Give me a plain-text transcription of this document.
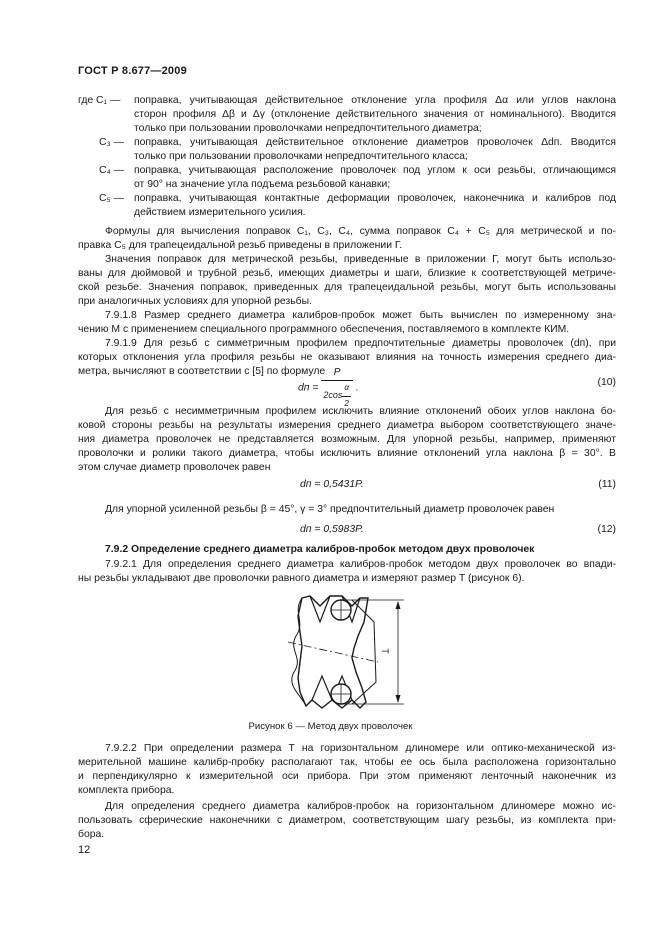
ГОСТ Р 8.677—2009
где C₁ — поправка, учитывающая действительное отклонение угла профиля Δα или углов наклона
сторон профиля Δβ и Δγ (отклонение действительного значения от номинального). Вводится
только при пользовании проволочками непредпочтительного диаметра;
C₃ — поправка, учитывающая действительное отклонение диаметров проволочек Δdп. Вводится
только при пользовании проволочками непредпочтительного класса;
C₄ — поправка, учитывающая расположение проволочек под углом к оси резьбы, отличающимся
от 90° на значение угла подъема резьбовой канавки;
C₅ — поправка, учитывающая контактные деформации проволочек, наконечника и калибров под
действием измерительного усилия.
Формулы для вычисления поправок C₁, C₃, C₄, сумма поправок C₄ + C₅ для метрической и по-
правка C₅ для трапецеидальной резьб приведены в приложении Г.
Значения поправок для метрической резьбы, приведенные в приложении Г, могут быть использо-
ваны для дюймовой и трубной резьб, имеющих диаметры и шаги, близкие к соответствующей метриче-
ской резьбе. Значения поправок, приведенных для трапецеидальной резьбы, могут быть использованы
при аналогичных условиях для упорной резьбы.
7.9.1.8 Размер среднего диаметра калибров-пробок может быть вычислен по измеренному зна-
чению M с применением специального программного обеспечения, поставляемого в комплекте КИМ.
7.9.1.9 Для резьб с симметричным профилем предпочтительные диаметры проволочек (dп), при
которых отклонения угла профиля резьбы не оказывают влияния на точность измерения среднего диа-
метра, вычисляют в соответствии с [5] по формуле
dп = $\frac{P}{2\cos \frac{\alpha}{2}}$ .	(10)
Для резьб с несимметричным профилем исключить влияние отклонений обоих углов наклона бо-
ковой стороны резьбы на результаты измерения среднего диаметра выбором соответствующего значе-
ния диаметра проволочек не представляется возможным. Для упорной резьбы, например, применяют
проволочки и ролики такого диаметра, чтобы исключить влияние отклонений угла наклона β = 30°. В
этом случае диаметр проволочек равен
dп = 0,5431P.	(11)
Для упорной усиленной резьбы β = 45°, γ = 3° предпочтительный диаметр проволочек равен
dп = 0,5983P.	(12)
7.9.2 Определение среднего диаметра калибров-пробок методом двух проволочек
7.9.2.1 Для определения среднего диаметра калибров-пробок методом двух проволочек во впади-
ны резьбы укладывают две проволочки равного диаметра и измеряют размер T (рисунок 6).
T
Рисунок 6 — Метод двух проволочек
7.9.2.2 При определении размера T на горизонтальном длиномере или оптико-механической из-
мерительной машине калибр-пробку располагают так, чтобы ее ось была расположена горизонтально
и перпендикулярно к измерительной оси прибора. При этом применяют ленточный наконечник из
комплекта прибора.
Для определения среднего диаметра калибров-пробок на горизонтальном длиномере можно ис-
пользовать сферические наконечники с диаметром, соответствующим шагу резьбы, из комплекта при-
бора.
12
